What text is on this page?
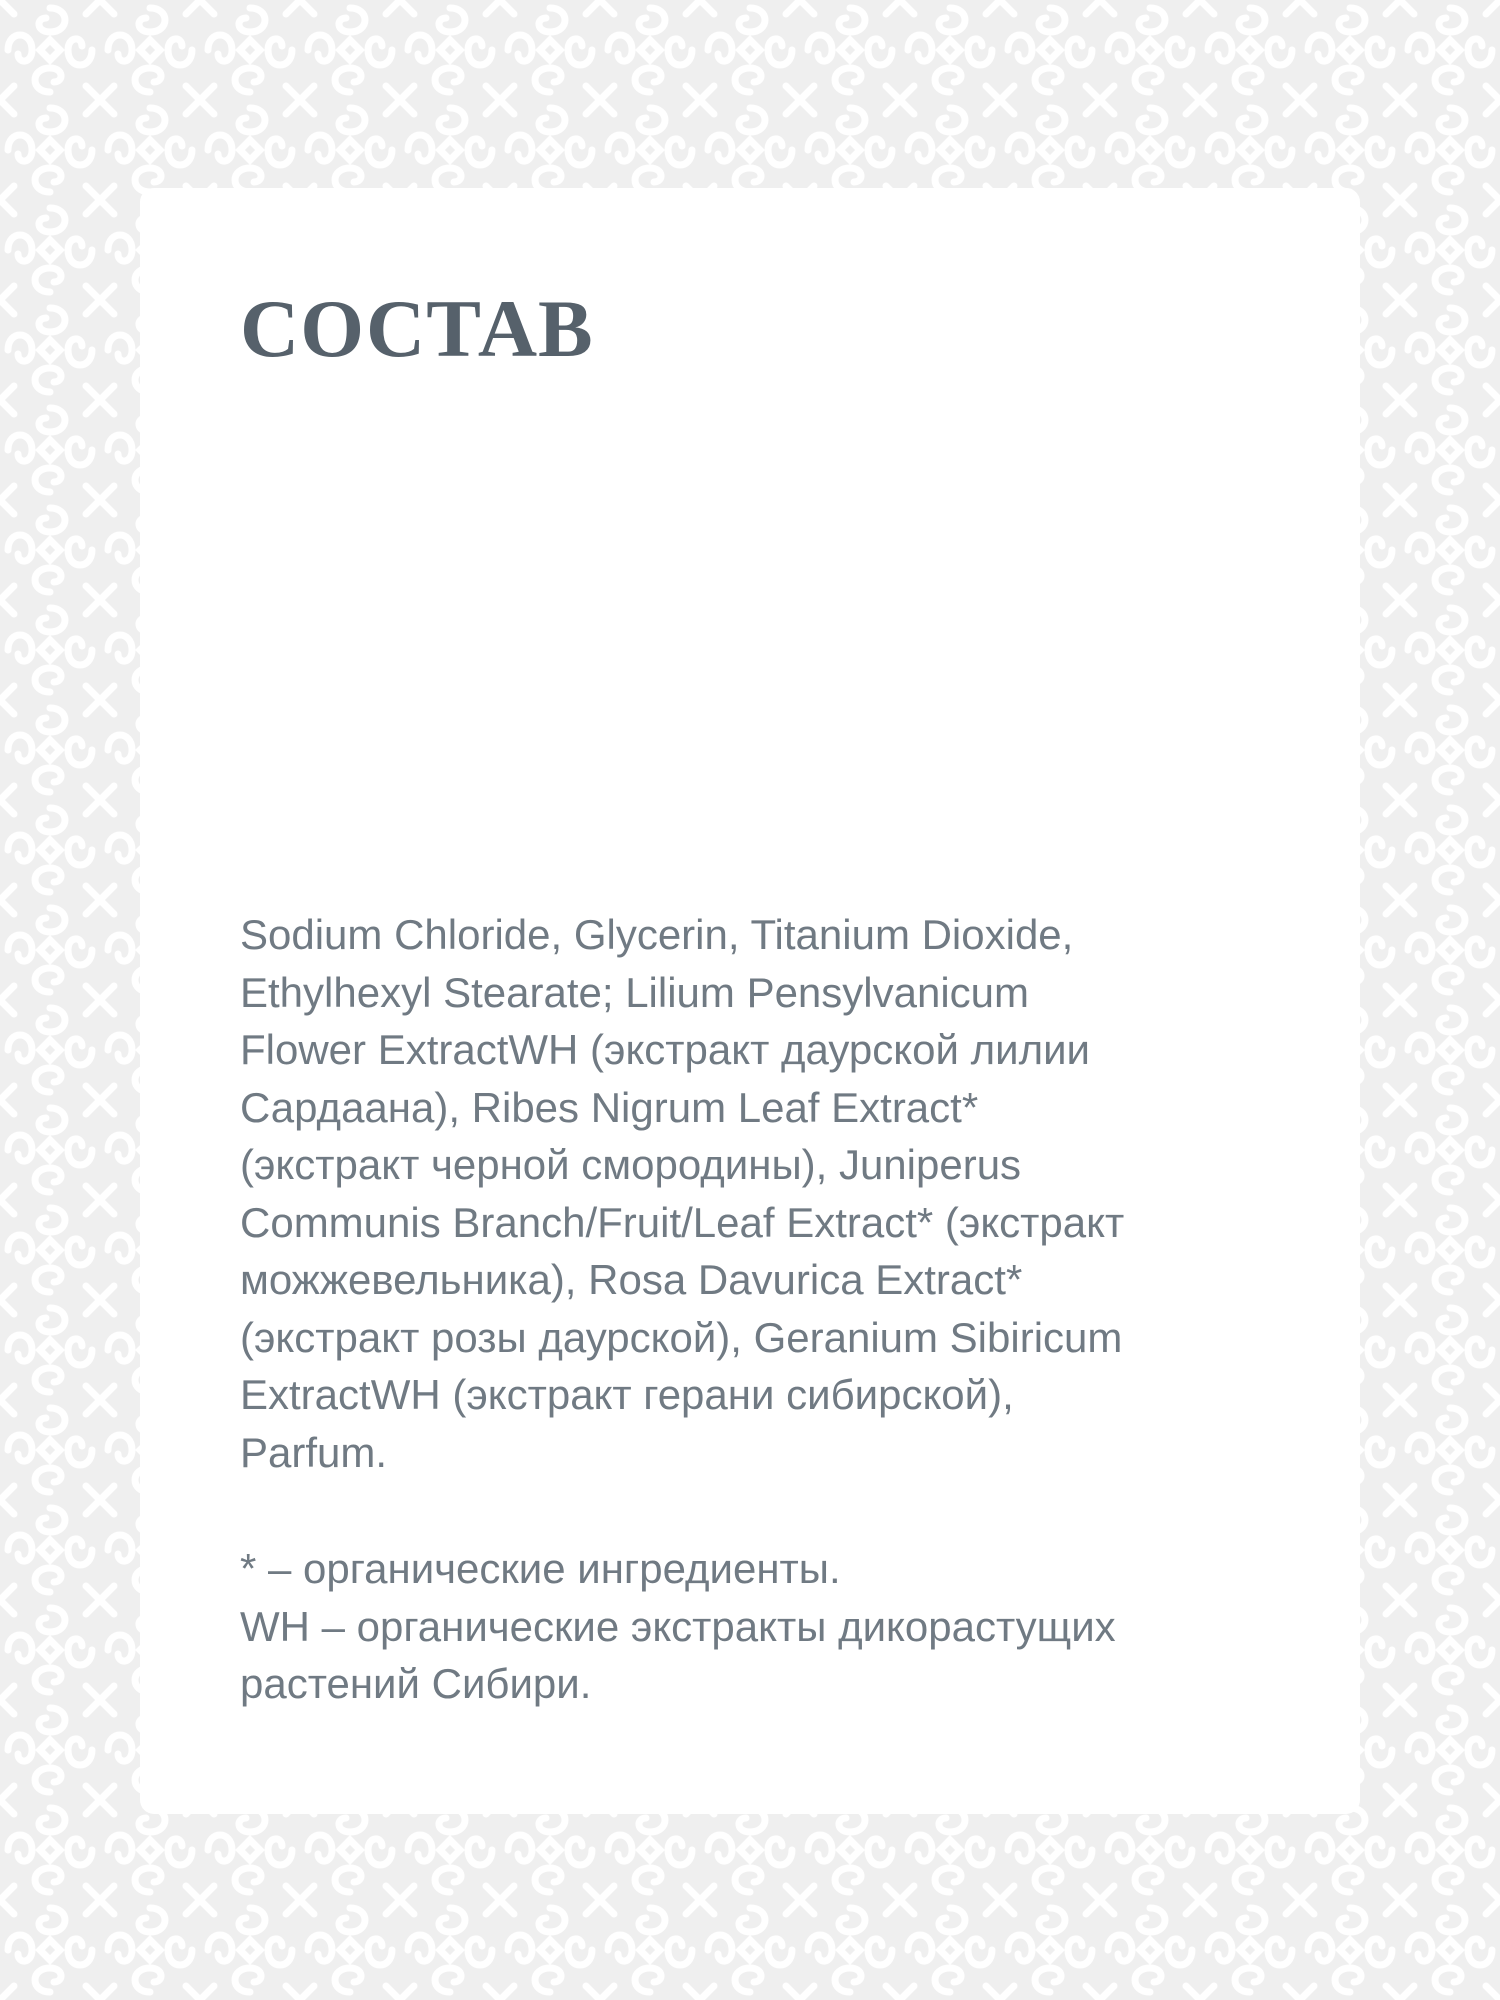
СОСТАВ

Sodium Chloride, Glycerin, Titanium Dioxide,
Ethylhexyl Stearate; Lilium Pensylvanicum
Flower ExtractWH (экстракт даурской лилии
Сардаана), Ribes Nigrum Leaf Extract*
(экстракт черной смородины), Juniperus
Communis Branch/Fruit/Leaf Extract* (экстракт
можжевельника), Rosa Davurica Extract*
(экстракт розы даурской), Geranium Sibiricum
ExtractWH (экстракт герани сибирской),
Parfum.

* – органические ингредиенты.
WH – органические экстракты дикорастущих
растений Сибири.
